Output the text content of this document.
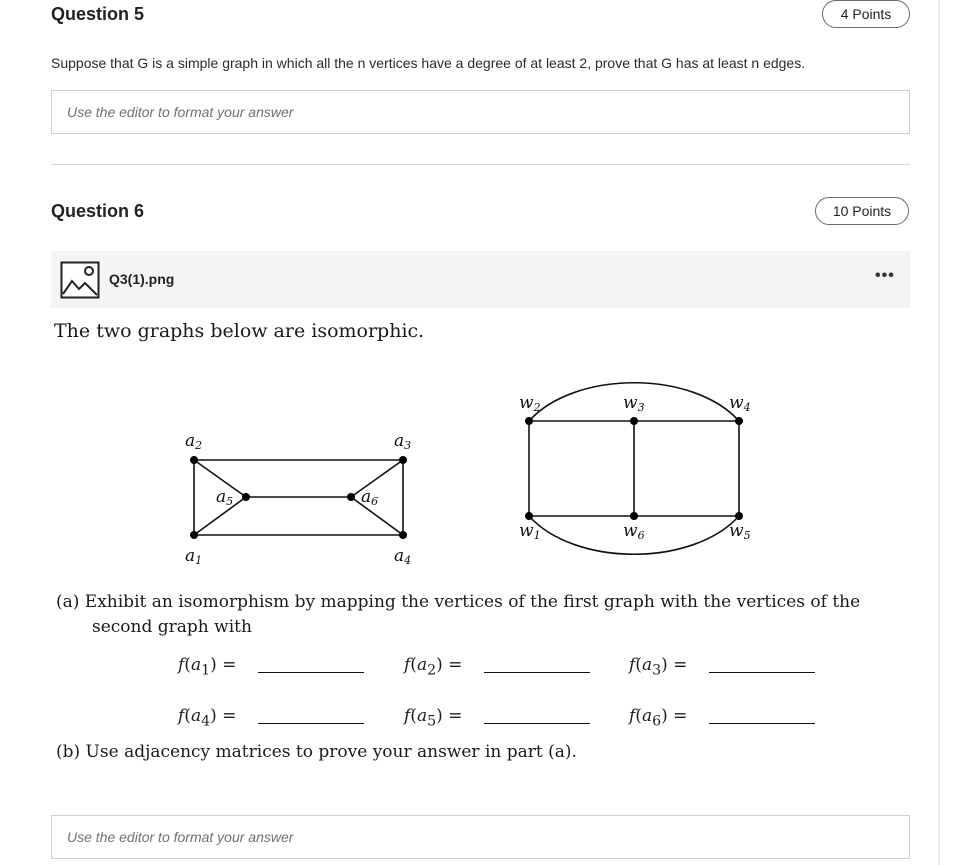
Question 5	4 Points
Suppose that G is a simple graph in which all the n vertices have a degree of at least 2, prove that G has at least n edges.
Use the editor to format your answer
Question 6	10 Points
Q3(1).png	•••
The two graphs below are isomorphic.
a1
a2	a3
a4
a5	a6
w1
w2	w3	w4
w5
w6
(a) Exhibit an isomorphism by mapping the vertices of the first graph with the vertices of the
second graph with
$f(a_1)$ =	$f(a_2)$ =	$f(a_3)$ =
$f(a_4)$ =	$f(a_5)$ =	$f(a_6)$ =
(b) Use adjacency matrices to prove your answer in part (a).
Use the editor to format your answer
